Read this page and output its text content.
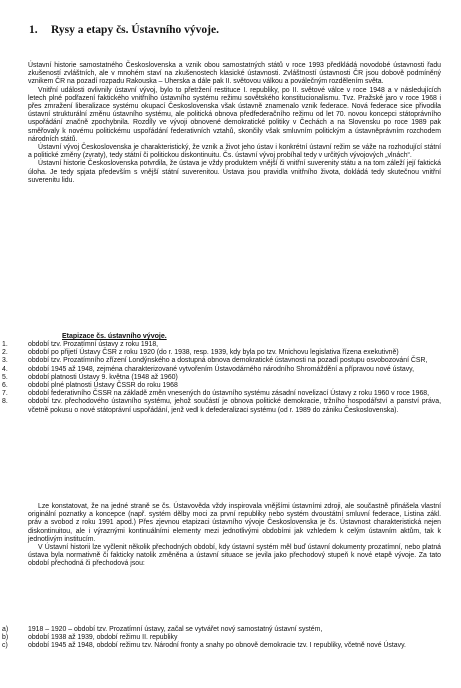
1. Rysy a etapy čs. Ústavního vývoje.

Ústavní historie samostatného Československa a vznik obou samostatných států v roce 1993 předkládá novodobé ústavnosti řadu zkušeností zvláštních, ale v mnohém staví na zkušenostech klasické ústavnosti. Zvláštností ústavnosti ČR jsou dobově podmíněný vznikem ČR na pozadí rozpadu Rakouska – Uherska a dále pak II. světovou válkou a poválečným rozdělením světa.

Vnitřní události ovlivnily ústavní vývoj, bylo to přetržení restituce I. republiky, po II. světové válce v roce 1948 a v následujících letech plné podřazení faktického vnitřního ústavního systému režimu sovětského konstitucionalismu. Tvz. Pražské jaro v roce 1968 i přes zmražení liberalizace systému okupací Československa však ústavně znamenalo vznik federace. Nová federace sice přivodila ústavní strukturální změnu ústavního systému, ale politická obnova předfederačního režimu od let 70. novou koncepci státoprávního uspořádání značně zpochybnila. Rozdíly ve vývoji obnovené demokratické politiky v Čechách a na Slovensku po roce 1989 pak směřovaly k novému politickému uspořádání federativních vztahů, skončily však smluvním politickým a ústavněprávním rozchodem národních států.

Ústavní vývoj Československa je charakteristický, že vznik a život jeho ústav i konkrétní ústavní režim se váže na rozhodující státní a politické změny (zvraty), tedy státní či politickou diskontinuitu. Čs. ústavní vývoj probíhal tedy v určitých vývojových „vlnách“.

Ústavní historie Československa potvrdila, že ústava je vždy produktem vnější či vnitřní suverenity státu a na tom záleží její faktická úloha. Je tedy spjata především s vnější státní suverenitou. Ústava jsou pravidla vnitřního života, dokládá tedy skutečnou vnitřní suverenitu lidu.

Etapizace čs. ústavního vývoje.

1.	období tzv. Prozatímní ústavy z roku 1918,
2.	období po přijetí Ústavy ČSR z roku 1920 (do r. 1938, resp. 1939, kdy byla po tzv. Mnichovu legislativa řízena exekutivně)
3.	období tzv. Prozatímního zřízení Londýnského a dostupná obnova demokratické ústavnosti na pozadí postupu osvobozování ČSR,
4.	období 1945 až 1948, zejména charakterizované vytvořením Ústavodárného národního Shromáždění a přípravou nové ústavy,
5.	období platnosti Ústavy 9. května (1948 až 1960)
6.	období plné platnosti Ústavy ČSSR do roku 1968
7.	období federativního ČSSR na základě změn vnesených do ústavního systému zásadní novelizací Ústavy z roku 1960 v roce 1968,
8.	období tzv. přechodového ústavního systému, jehož součástí je obnova politické demokracie, tržního hospodářství a panství práva, včetně pokusu o nové státoprávní uspořádání, jenž vedl k defederalizaci systému (od r. 1989 do zániku Československa).

Lze konstatovat, že na jedné straně se čs. Ústavověda vždy inspirovala vnějšími ústavními zdroji, ale součastně přinášela vlastní originální poznatky a koncepce (např. systém dělby moci za první republiky nebo systém dvoustátní smluvní federace, Listina zákl. práv a svobod z roku 1991 apod.) Přes zjevnou etapizaci ústavního vývoje Československa je čs. Ústavnost charakteristická nejen diskontinuitou, ale i výraznými kontinuálními elementy mezi jednotlivými obdobími jak vzhledem k celým ústavním aktům, tak k jednotlivým institucím.

V Ústavní historii lze vyčlenit několik přechodných období, kdy ústavní systém měl buď ústavní dokumenty prozatímní, nebo platná ústava byla normativně či fakticky natolik změněna a ústavní situace se jevila jako přechodový stupeň k nové etapě vývoje. Za tato období přechodná či přechodová jsou:

a)	1918 – 1920 – období tzv. Prozatímní ústavy, začal se vytvářet nový samostatný ústavní systém,
b)	období 1938 až 1939, období režimu II. republiky
c)	období 1945 až 1948, období režimu tzv. Národní fronty a snahy po obnově demokracie tzv. I republiky, včetně nové Ústavy.
